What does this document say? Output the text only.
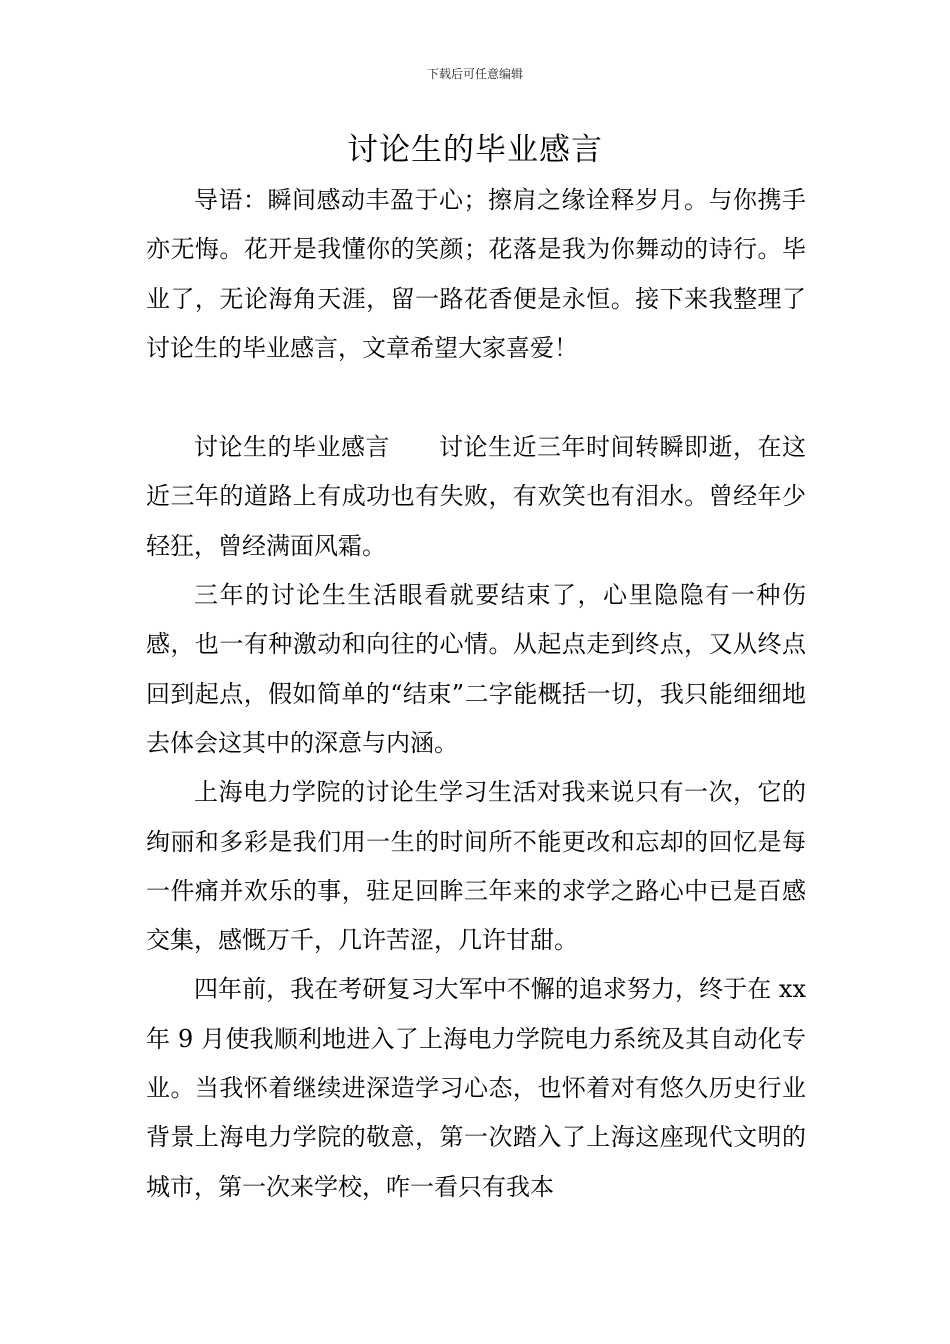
下载后可任意编辑
讨论生的毕业感言

导语：瞬间感动丰盈于心；擦肩之缘诠释岁月。与你携手亦无悔。花开是我懂你的笑颜；花落是我为你舞动的诗行。毕业了，无论海角天涯，留一路花香便是永恒。接下来我整理了讨论生的毕业感言，文章希望大家喜爱！

讨论生的毕业感言　　讨论生近三年时间转瞬即逝，在这近三年的道路上有成功也有失败，有欢笑也有泪水。曾经年少轻狂，曾经满面风霜。

三年的讨论生生活眼看就要结束了，心里隐隐有一种伤感，也一有种激动和向往的心情。从起点走到终点，又从终点回到起点，假如简单的“结束”二字能概括一切，我只能细细地去体会这其中的深意与内涵。

上海电力学院的讨论生学习生活对我来说只有一次，它的绚丽和多彩是我们用一生的时间所不能更改和忘却的回忆是每一件痛并欢乐的事，驻足回眸三年来的求学之路心中已是百感交集，感慨万千，几许苦涩，几许甘甜。

四年前，我在考研复习大军中不懈的追求努力，终于在 xx 年 9 月使我顺利地进入了上海电力学院电力系统及其自动化专业。当我怀着继续进深造学习心态，也怀着对有悠久历史行业背景上海电力学院的敬意，第一次踏入了上海这座现代文明的城市，第一次来学校，咋一看只有我本
